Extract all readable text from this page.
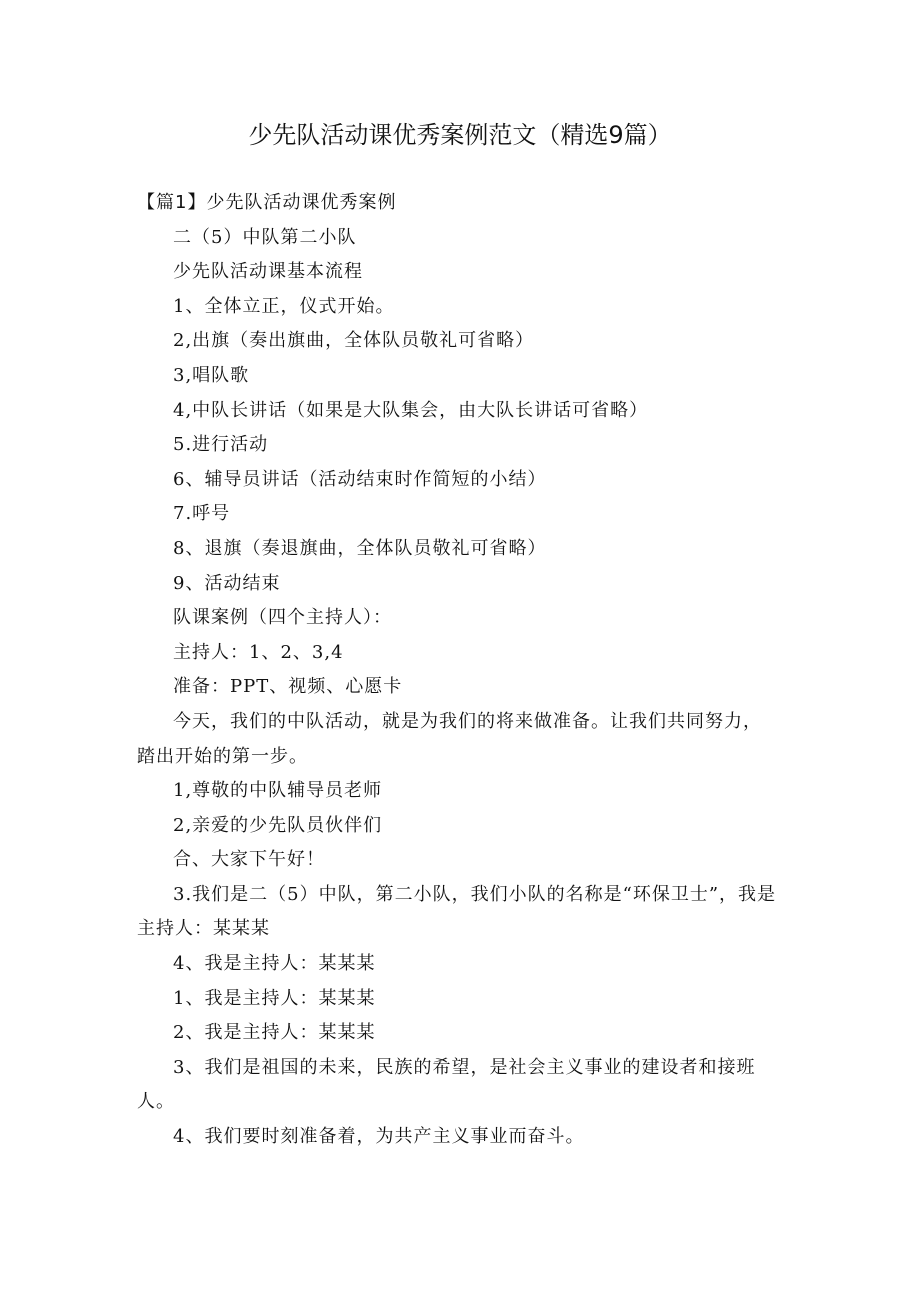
少先队活动课优秀案例范文（精选9篇）

【篇1】少先队活动课优秀案例

二（5）中队第二小队

少先队活动课基本流程

1、全体立正，仪式开始。

2,出旗（奏出旗曲，全体队员敬礼可省略）

3,唱队歌

4,中队长讲话（如果是大队集会，由大队长讲话可省略）

5.进行活动

6、辅导员讲话（活动结束时作简短的小结）

7.呼号

8、退旗（奏退旗曲，全体队员敬礼可省略）

9、活动结束

队课案例（四个主持人）：

主持人：1、2、3,4

准备：PPT、视频、心愿卡

今天，我们的中队活动，就是为我们的将来做准备。让我们共同努力，踏出开始的第一步。

1,尊敬的中队辅导员老师

2,亲爱的少先队员伙伴们

合、大家下午好！

3.我们是二（5）中队，第二小队，我们小队的名称是“环保卫士”，我是主持人：某某某

4、我是主持人：某某某

1、我是主持人：某某某

2、我是主持人：某某某

3、我们是祖国的未来，民族的希望，是社会主义事业的建设者和接班人。

4、我们要时刻准备着，为共产主义事业而奋斗。
